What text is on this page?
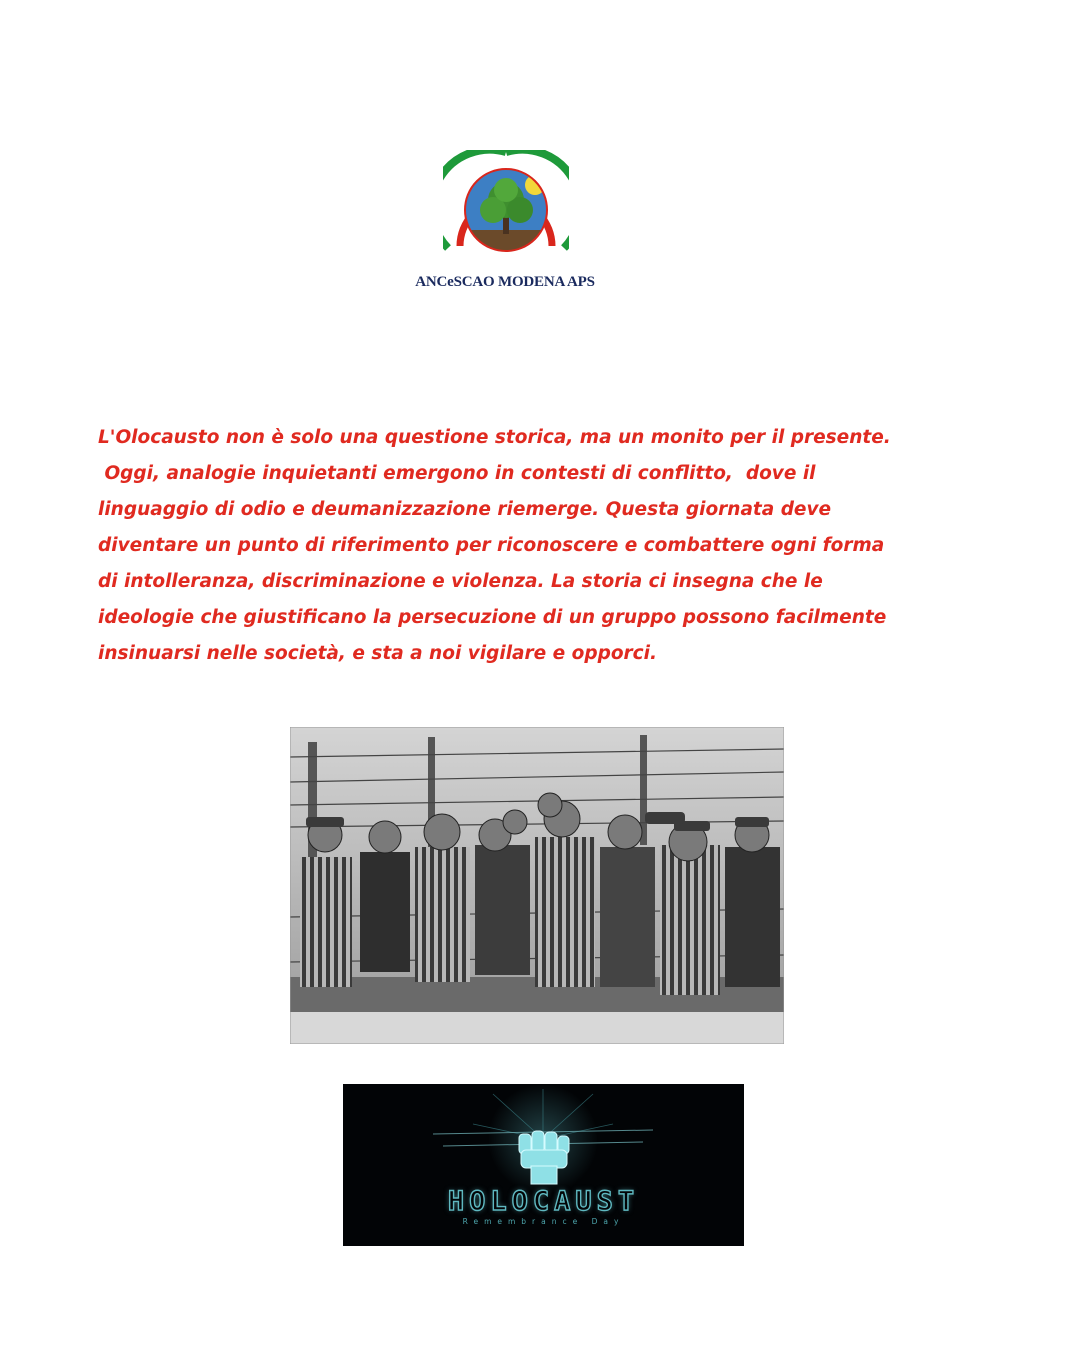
ANCeSCAO MODENA APS
L'Olocausto non è solo una questione storica, ma un monito per il presente.
Oggi, analogie inquietanti emergono in contesti di conflitto,  dove il
linguaggio di odio e deumanizzazione riemerge. Questa giornata deve
diventare un punto di riferimento per riconoscere e combattere ogni forma
di intolleranza, discriminazione e violenza. La storia ci insegna che le
ideologie che giustificano la persecuzione di un gruppo possono facilmente
insinuarsi nelle società, e sta a noi vigilare e opporci.
HOLOCAUST
Remembrance Day
